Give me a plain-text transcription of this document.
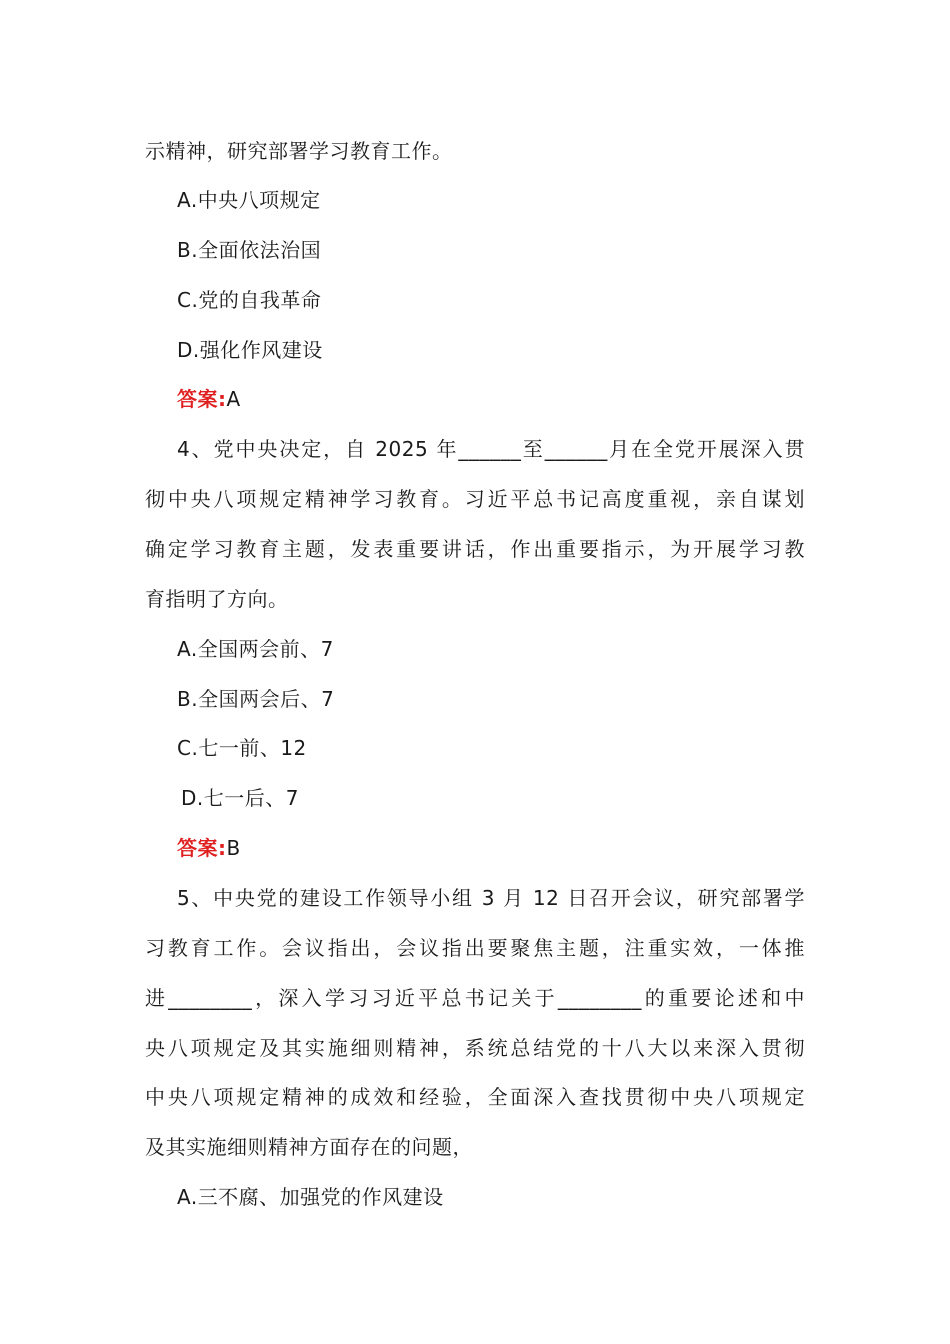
示精神，研究部署学习教育工作。
A.中央八项规定
B.全面依法治国
C.党的自我革命
D.强化作风建设
答案:A
4、党中央决定，自 2025 年______至______月在全党开展深入贯
彻中央八项规定精神学习教育。习近平总书记高度重视，亲自谋划
确定学习教育主题，发表重要讲话，作出重要指示，为开展学习教
育指明了方向。
A.全国两会前、7
B.全国两会后、7
C.七一前、12
D.七一后、7
答案:B
5、中央党的建设工作领导小组 3 月 12 日召开会议，研究部署学
习教育工作。会议指出，会议指出要聚焦主题，注重实效，一体推
进________，深入学习习近平总书记关于________的重要论述和中
央八项规定及其实施细则精神，系统总结党的十八大以来深入贯彻
中央八项规定精神的成效和经验，全面深入查找贯彻中央八项规定
及其实施细则精神方面存在的问题，
A.三不腐、加强党的作风建设
